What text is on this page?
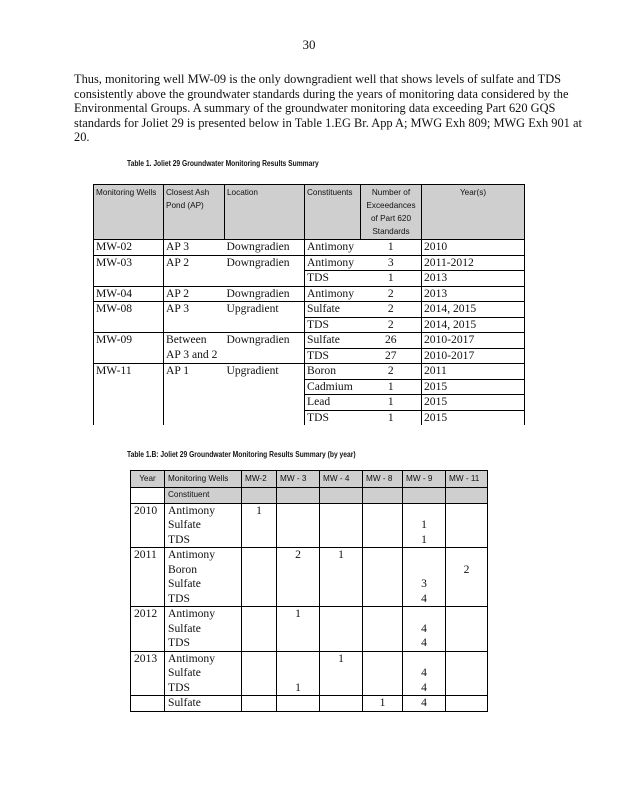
30
Thus, monitoring well MW-09 is the only downgradient well that shows levels of sulfate and TDS consistently above the groundwater standards during the years of monitoring data considered by the Environmental Groups. A summary of the groundwater monitoring data exceeding Part 620 GQS standards for Joliet 29 is presented below in Table 1.EG Br. App A; MWG Exh 809; MWG Exh 901 at 20.
Table 1. Joliet 29 Groundwater Monitoring Results Summary
Monitoring Wells	Closest Ash Pond (AP)	Location	Constituents	Number of Exceedances of Part 620 Standards	Year(s)
MW-02	AP 3	Downgradien	Antimony	1	2010
MW-03	AP 2	Downgradien	Antimony	3	2011-2012
			TDS	1	2013
MW-04	AP 2	Downgradien	Antimony	2	2013
MW-08	AP 3	Upgradient	Sulfate	2	2014, 2015
			TDS	2	2014, 2015
MW-09	Between AP 3 and 2	Downgradien	Sulfate	26	2010-2017
			TDS	27	2010-2017
MW-11	AP 1	Upgradient	Boron	2	2011
			Cadmium	1	2015
			Lead	1	2015
			TDS	1	2015
Table 1.B: Joliet 29 Groundwater Monitoring Results Summary (by year)
Year	Monitoring Wells	MW-2	MW - 3	MW - 4	MW - 8	MW - 9	MW - 11
	Constituent						
2010	Antimony	1					
	Sulfate					1	
	TDS					1	
2011	Antimony		2	1			
	Boron						2
	Sulfate					3	
	TDS					4	
2012	Antimony		1				
	Sulfate					4	
	TDS					4	
2013	Antimony			1			
	Sulfate					4	
	TDS		1			4	
	Sulfate				1	4	
